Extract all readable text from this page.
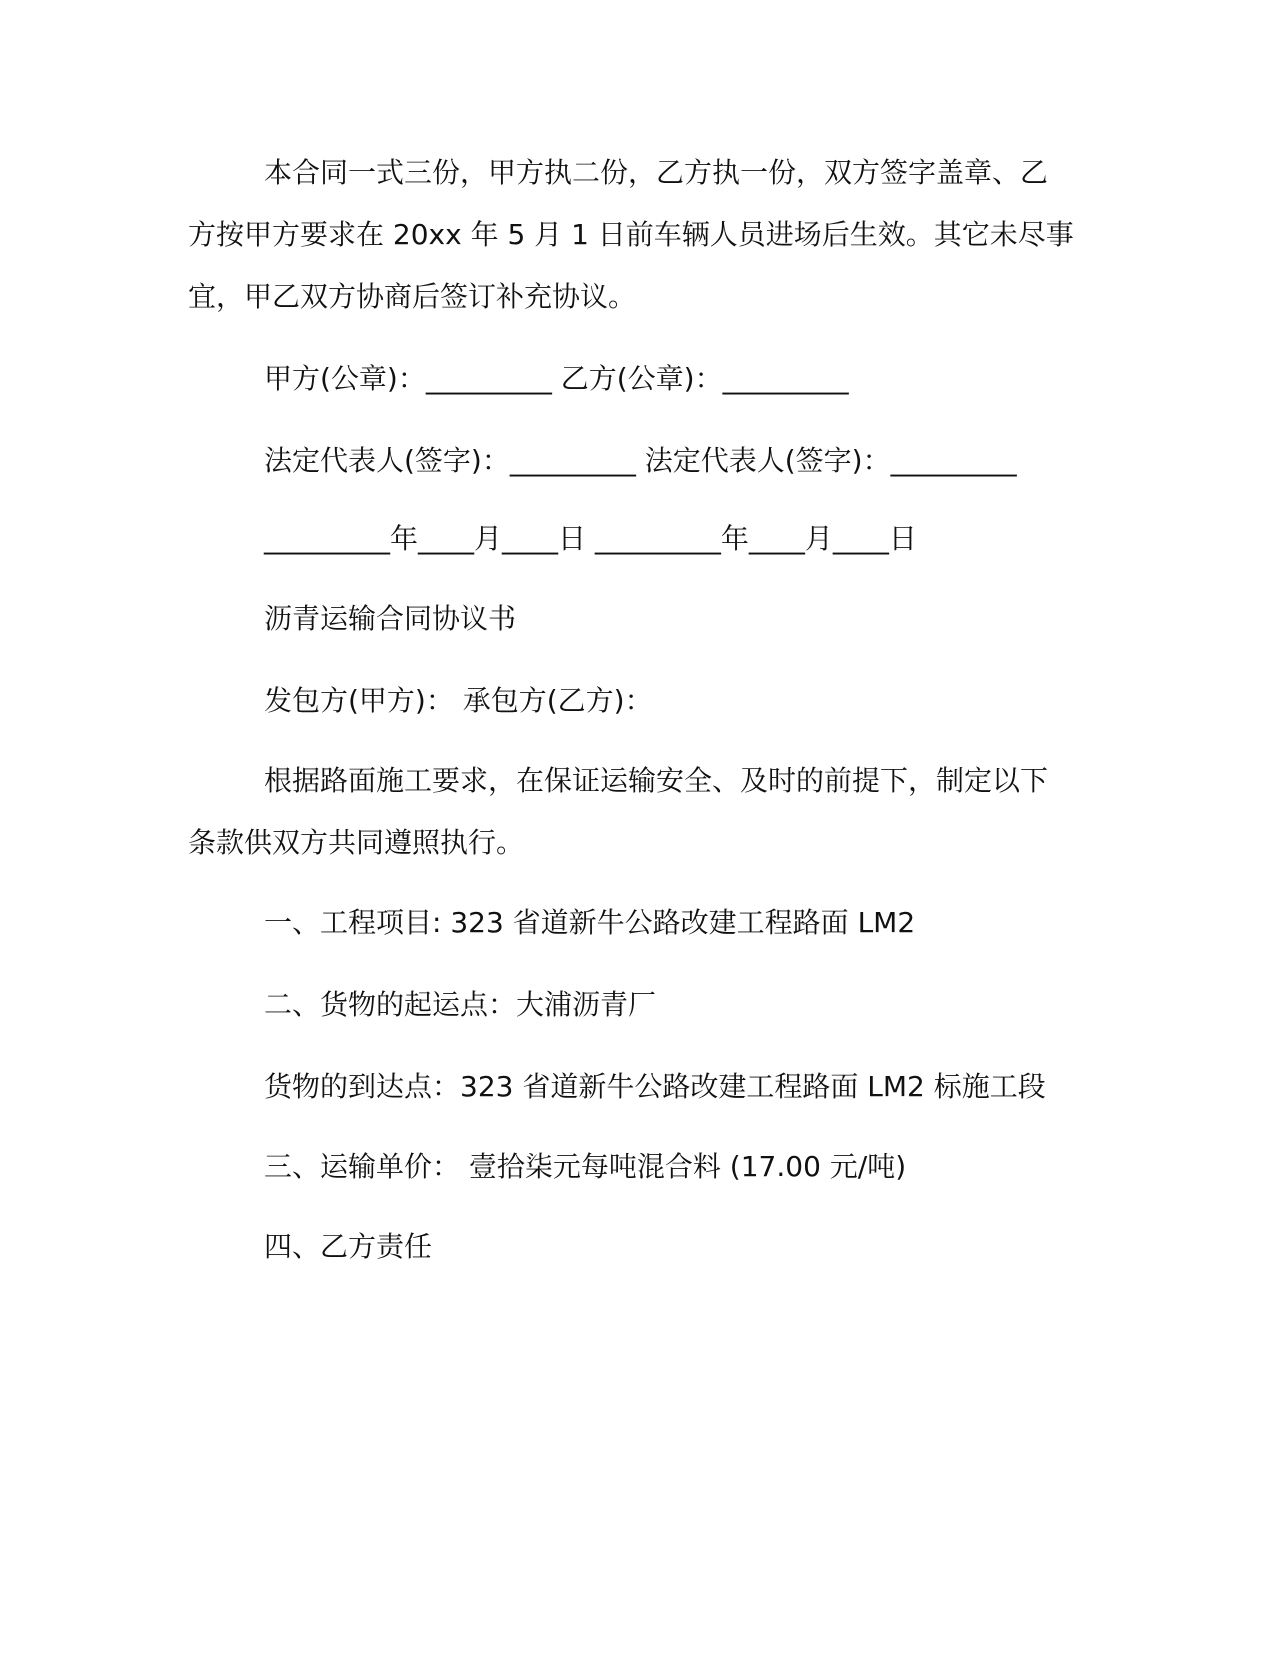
本合同一式三份，甲方执二份，乙方执一份，双方签字盖章、乙
方按甲方要求在 20xx 年 5 月 1 日前车辆人员进场后生效。其它未尽事
宜，甲乙双方协商后签订补充协议。
甲方(公章)：_________ 乙方(公章)：_________
法定代表人(签字)：_________ 法定代表人(签字)：_________
_________年____月____日 _________年____月____日
沥青运输合同协议书
发包方(甲方)： 承包方(乙方)：
根据路面施工要求，在保证运输安全、及时的前提下，制定以下
条款供双方共同遵照执行。
一、工程项目: 323 省道新牛公路改建工程路面 LM2
二、货物的起运点：大浦沥青厂
货物的到达点：323 省道新牛公路改建工程路面 LM2 标施工段
三、运输单价： 壹拾柒元每吨混合料 (17.00 元/吨)
四、乙方责任
